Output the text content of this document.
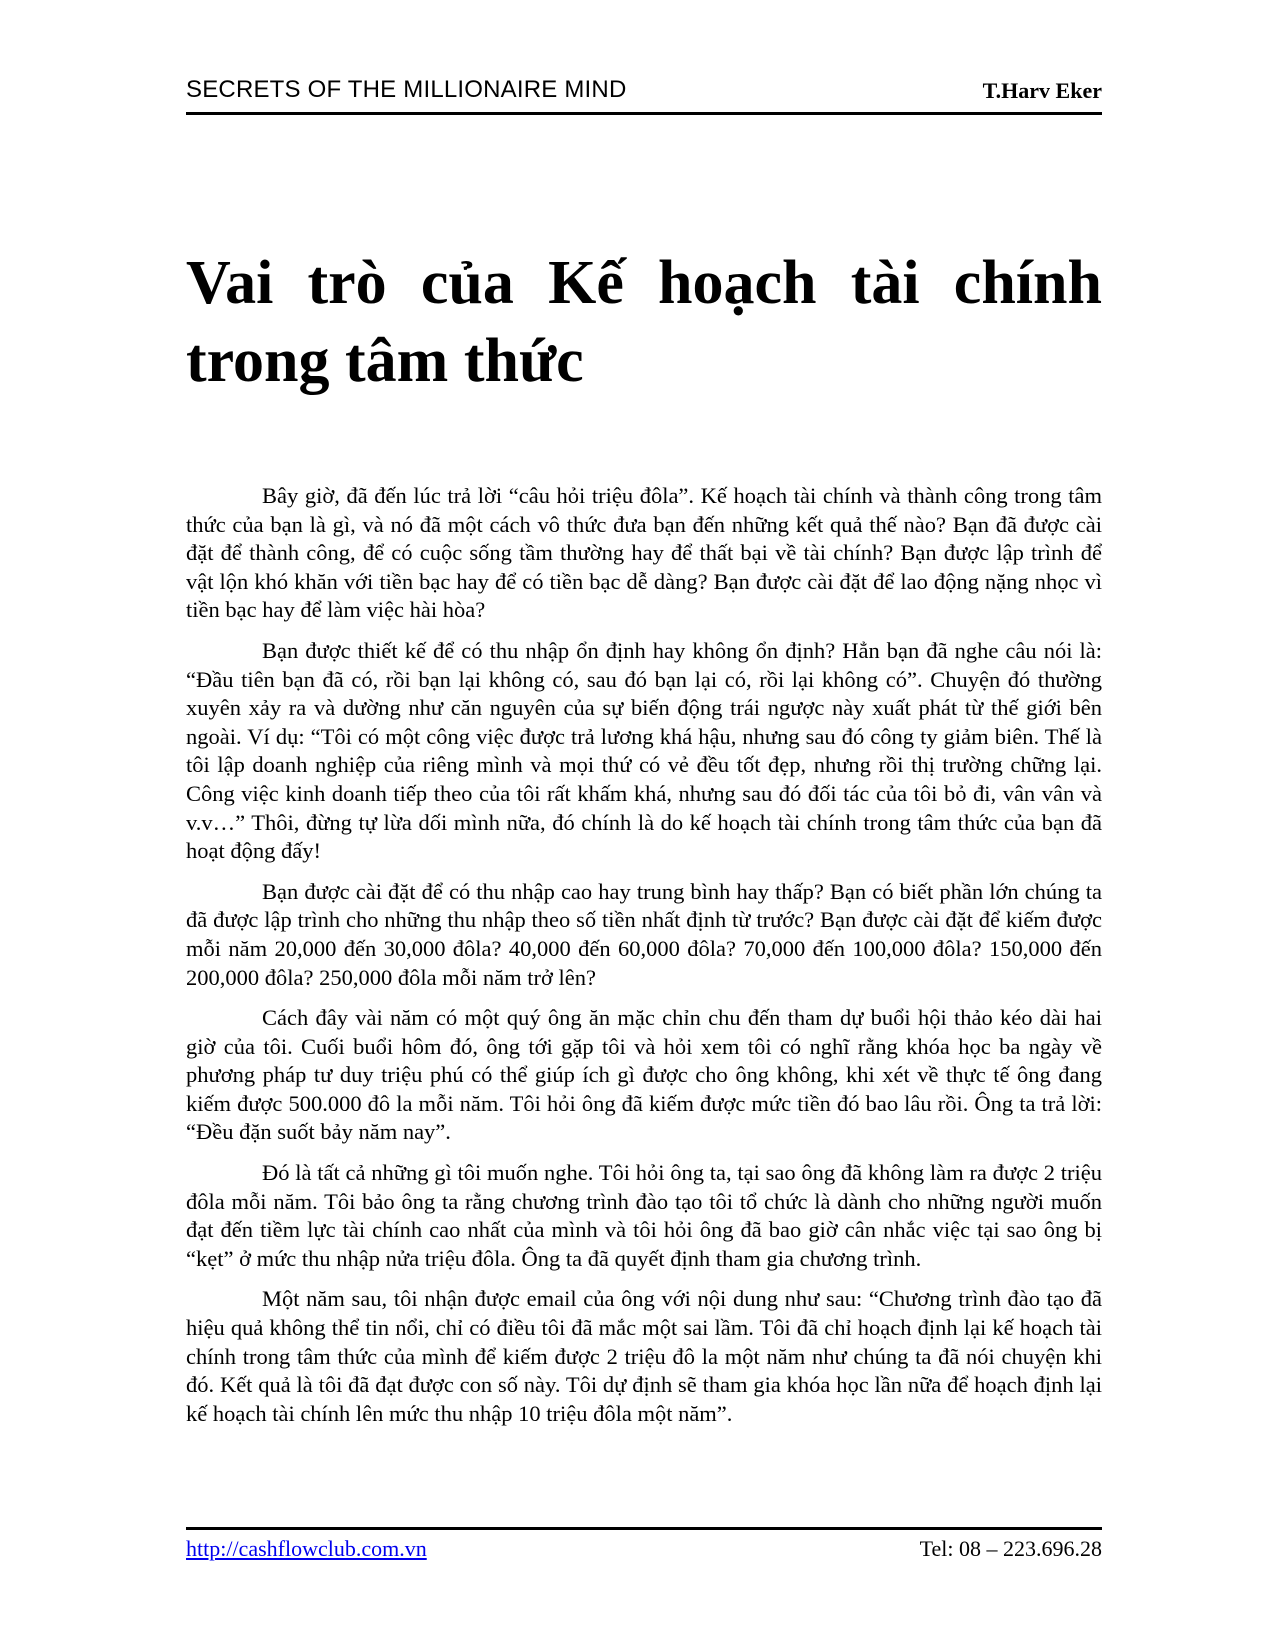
SECRETS OF THE MILLIONAIRE MIND	T.Harv Eker
Vai trò của Kế hoạch tài chính trong tâm thức

Bây giờ, đã đến lúc trả lời “câu hỏi triệu đôla”. Kế hoạch tài chính và thành công trong tâm thức của bạn là gì, và nó đã một cách vô thức đưa bạn đến những kết quả thế nào? Bạn đã được cài đặt để thành công, để có cuộc sống tầm thường hay để thất bại về tài chính? Bạn được lập trình để vật lộn khó khăn với tiền bạc hay để có tiền bạc dễ dàng? Bạn được cài đặt để lao động nặng nhọc vì tiền bạc hay để làm việc hài hòa?

Bạn được thiết kế để có thu nhập ổn định hay không ổn định? Hẳn bạn đã nghe câu nói là: “Đầu tiên bạn đã có, rồi bạn lại không có, sau đó bạn lại có, rồi lại không có”. Chuyện đó thường xuyên xảy ra và dường như căn nguyên của sự biến động trái ngược này xuất phát từ thế giới bên ngoài. Ví dụ: “Tôi có một công việc được trả lương khá hậu, nhưng sau đó công ty giảm biên. Thế là tôi lập doanh nghiệp của riêng mình và mọi thứ có vẻ đều tốt đẹp, nhưng rồi thị trường chững lại. Công việc kinh doanh tiếp theo của tôi rất khấm khá, nhưng sau đó đối tác của tôi bỏ đi, vân vân và v.v…” Thôi, đừng tự lừa dối mình nữa, đó chính là do kế hoạch tài chính trong tâm thức của bạn đã hoạt động đấy!

Bạn được cài đặt để có thu nhập cao hay trung bình hay thấp? Bạn có biết phần lớn chúng ta đã được lập trình cho những thu nhập theo số tiền nhất định từ trước? Bạn được cài đặt để kiếm được mỗi năm 20,000 đến 30,000 đôla? 40,000 đến 60,000 đôla? 70,000 đến 100,000 đôla? 150,000 đến 200,000 đôla? 250,000 đôla mỗi năm trở lên?

Cách đây vài năm có một quý ông ăn mặc chỉn chu đến tham dự buổi hội thảo kéo dài hai giờ của tôi. Cuối buổi hôm đó, ông tới gặp tôi và hỏi xem tôi có nghĩ rằng khóa học ba ngày về phương pháp tư duy triệu phú có thể giúp ích gì được cho ông không, khi xét về thực tế ông đang kiếm được 500.000 đô la mỗi năm. Tôi hỏi ông đã kiếm được mức tiền đó bao lâu rồi. Ông ta trả lời: “Đều đặn suốt bảy năm nay”.

Đó là tất cả những gì tôi muốn nghe. Tôi hỏi ông ta, tại sao ông đã không làm ra được 2 triệu đôla mỗi năm. Tôi bảo ông ta rằng chương trình đào tạo tôi tổ chức là dành cho những người muốn đạt đến tiềm lực tài chính cao nhất của mình và tôi hỏi ông đã bao giờ cân nhắc việc tại sao ông bị “kẹt” ở mức thu nhập nửa triệu đôla. Ông ta đã quyết định tham gia chương trình.

Một năm sau, tôi nhận được email của ông với nội dung như sau: “Chương trình đào tạo đã hiệu quả không thể tin nổi, chỉ có điều tôi đã mắc một sai lầm. Tôi đã chỉ hoạch định lại kế hoạch tài chính trong tâm thức của mình để kiếm được 2 triệu đô la một năm như chúng ta đã nói chuyện khi đó. Kết quả là tôi đã đạt được con số này. Tôi dự định sẽ tham gia khóa học lần nữa để hoạch định lại kế hoạch tài chính lên mức thu nhập 10 triệu đôla một năm”.

http://cashflowclub.com.vn	Tel: 08 – 223.696.28
